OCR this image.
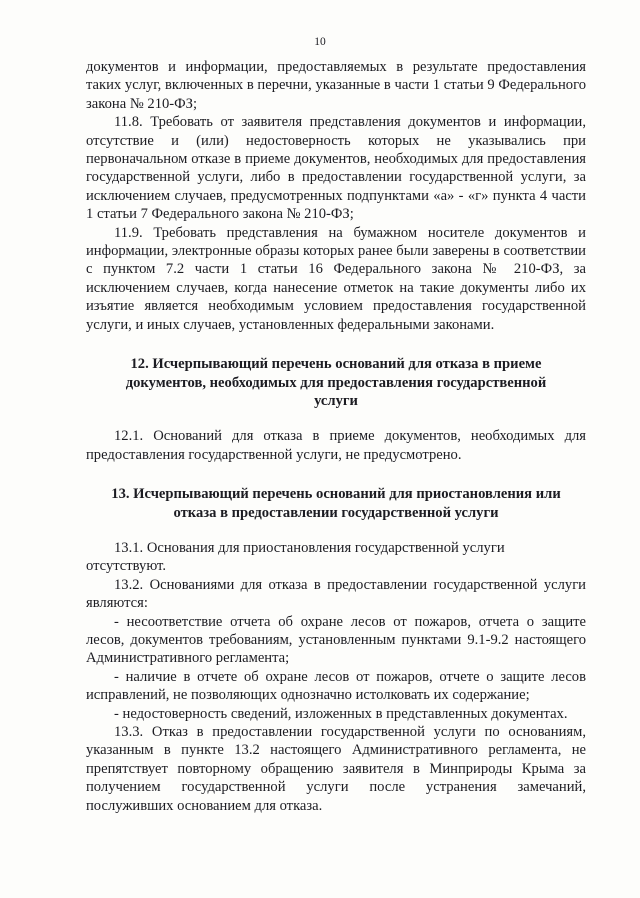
10

документов и информации, предоставляемых в результате предоставления таких услуг, включенных в перечни, указанные в части 1 статьи 9 Федерального закона № 210-ФЗ;

11.8. Требовать от заявителя представления документов и информации, отсутствие и (или) недостоверность которых не указывались при первоначальном отказе в приеме документов, необходимых для предоставления государственной услуги, либо в предоставлении государственной услуги, за исключением случаев, предусмотренных подпунктами «а» - «г» пункта 4 части 1 статьи 7 Федерального закона № 210-ФЗ;

11.9. Требовать представления на бумажном носителе документов и информации, электронные образы которых ранее были заверены в соответствии с пунктом 7.2 части 1 статьи 16 Федерального закона № 210-ФЗ, за исключением случаев, когда нанесение отметок на такие документы либо их изъятие является необходимым условием предоставления государственной услуги, и иных случаев, установленных федеральными законами.

12. Исчерпывающий перечень оснований для отказа в приеме
документов, необходимых для предоставления государственной
услуги

12.1. Оснований для отказа в приеме документов, необходимых для предоставления государственной услуги, не предусмотрено.

13. Исчерпывающий перечень оснований для приостановления или
отказа в предоставлении государственной услуги

13.1. Основания для приостановления государственной услуги
отсутствуют.

13.2. Основаниями для отказа в предоставлении государственной услуги являются:

- несоответствие отчета об охране лесов от пожаров, отчета о защите лесов, документов требованиям, установленным пунктами 9.1-9.2 настоящего Административного регламента;

- наличие в отчете об охране лесов от пожаров, отчете о защите лесов исправлений, не позволяющих однозначно истолковать их содержание;

- недостоверность сведений, изложенных в представленных документах.

13.3. Отказ в предоставлении государственной услуги по основаниям, указанным в пункте 13.2 настоящего Административного регламента, не препятствует повторному обращению заявителя в Минприроды Крыма за получением государственной услуги после устранения замечаний, послуживших основанием для отказа.
